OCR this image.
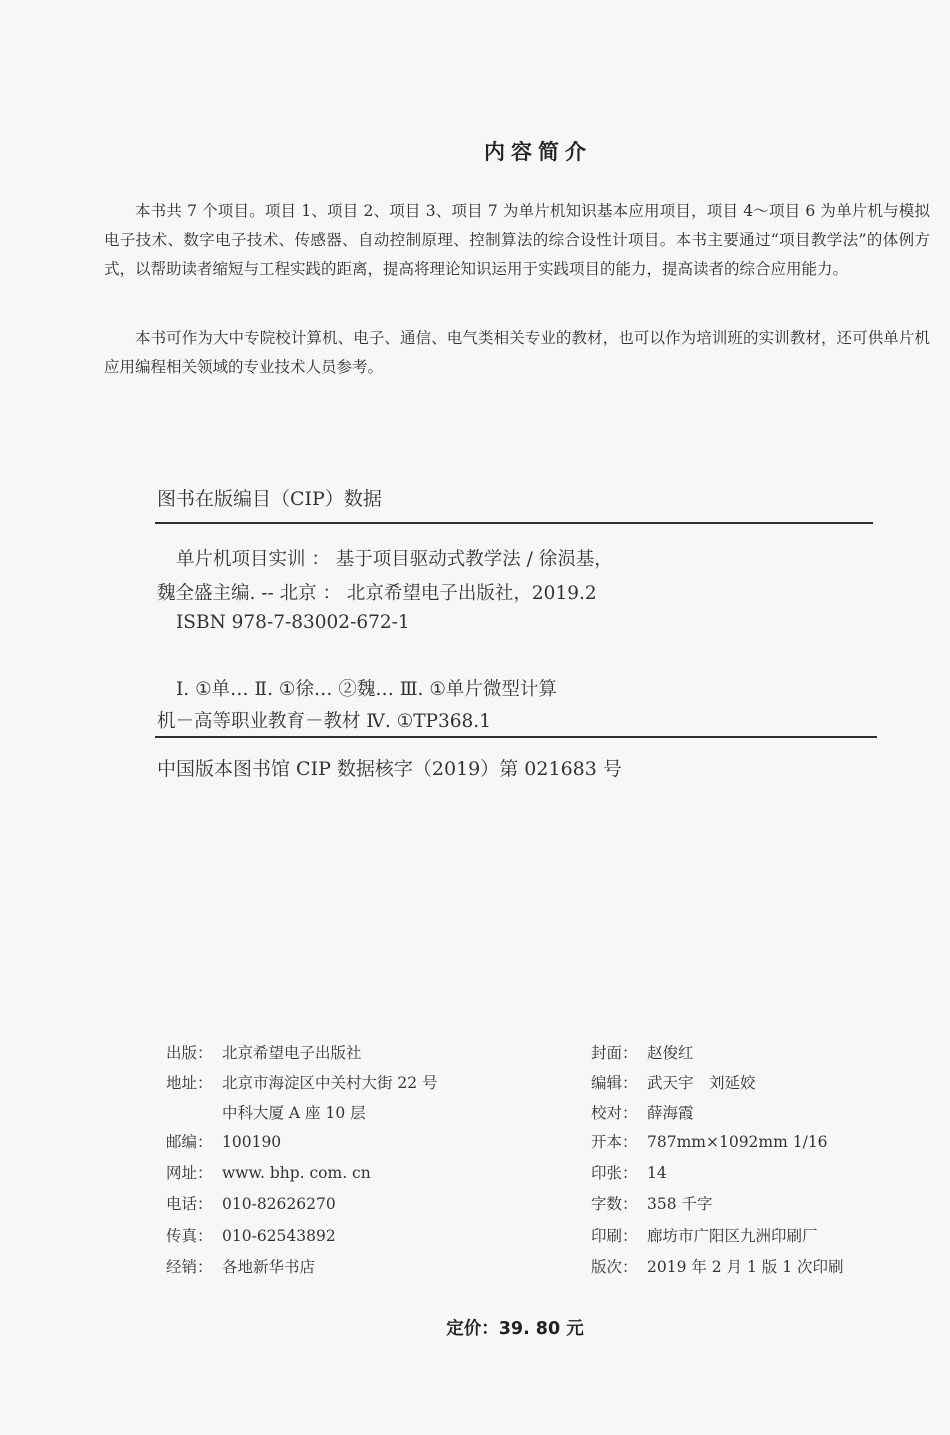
内容简介

本书共 7 个项目。项目 1、项目 2、项目 3、项目 7 为单片机知识基本应用项目，项目 4～项目 6 为单片机与模拟电子技术、数字电子技术、传感器、自动控制原理、控制算法的综合设性计项目。本书主要通过“项目教学法”的体例方式，以帮助读者缩短与工程实践的距离，提高将理论知识运用于实践项目的能力，提高读者的综合应用能力。

本书可作为大中专院校计算机、电子、通信、电气类相关专业的教材，也可以作为培训班的实训教材，还可供单片机应用编程相关领域的专业技术人员参考。

图书在版编目（CIP）数据
单片机项目实训 ： 基于项目驱动式教学法 / 徐涢基，
魏全盛主编. -- 北京 ： 北京希望电子出版社，2019.2
ISBN 978-7-83002-672-1
Ⅰ. ①单… Ⅱ. ①徐… ②魏… Ⅲ. ①单片微型计算
机－高等职业教育－教材 Ⅳ. ①TP368.1
中国版本图书馆 CIP 数据核字（2019）第 021683 号
出版： 北京希望电子出版社
地址： 北京市海淀区中关村大街 22 号
中科大厦 A 座 10 层
邮编： 100190
网址： www. bhp. com. cn
电话： 010-82626270
传真： 010-62543892
经销： 各地新华书店
封面： 赵俊红
编辑： 武天宇　刘延姣
校对： 薛海霞
开本： 787mm×1092mm 1/16
印张： 14
字数： 358 千字
印刷： 廊坊市广阳区九洲印刷厂
版次： 2019 年 2 月 1 版 1 次印刷
定价：39. 80 元
